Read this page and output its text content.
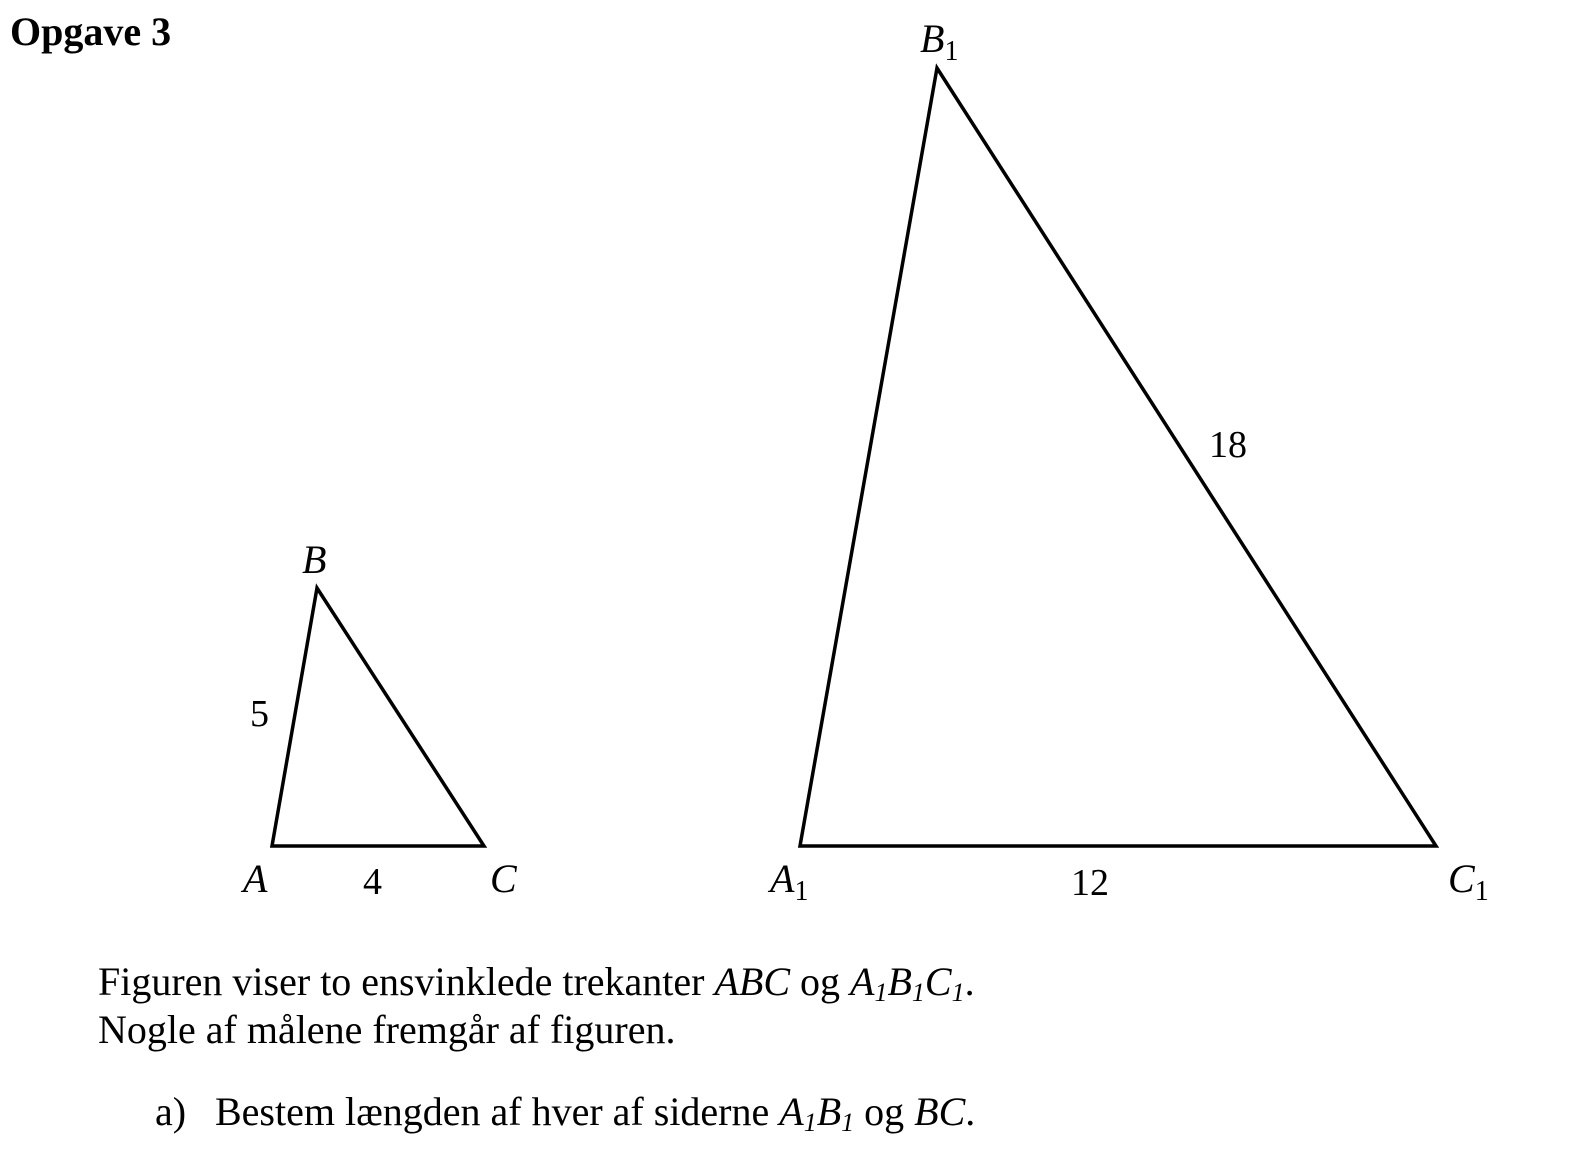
Opgave 3
A
B
C
5
4	$A_1$
$B_1$
$C_1$
12
18
Figuren viser to ensvinklede trekanter ABC og $A_1B_1C_1$.
Nogle af målene fremgår af figuren.
a) Bestem længden af hver af siderne $A_1B_1$ og BC.
